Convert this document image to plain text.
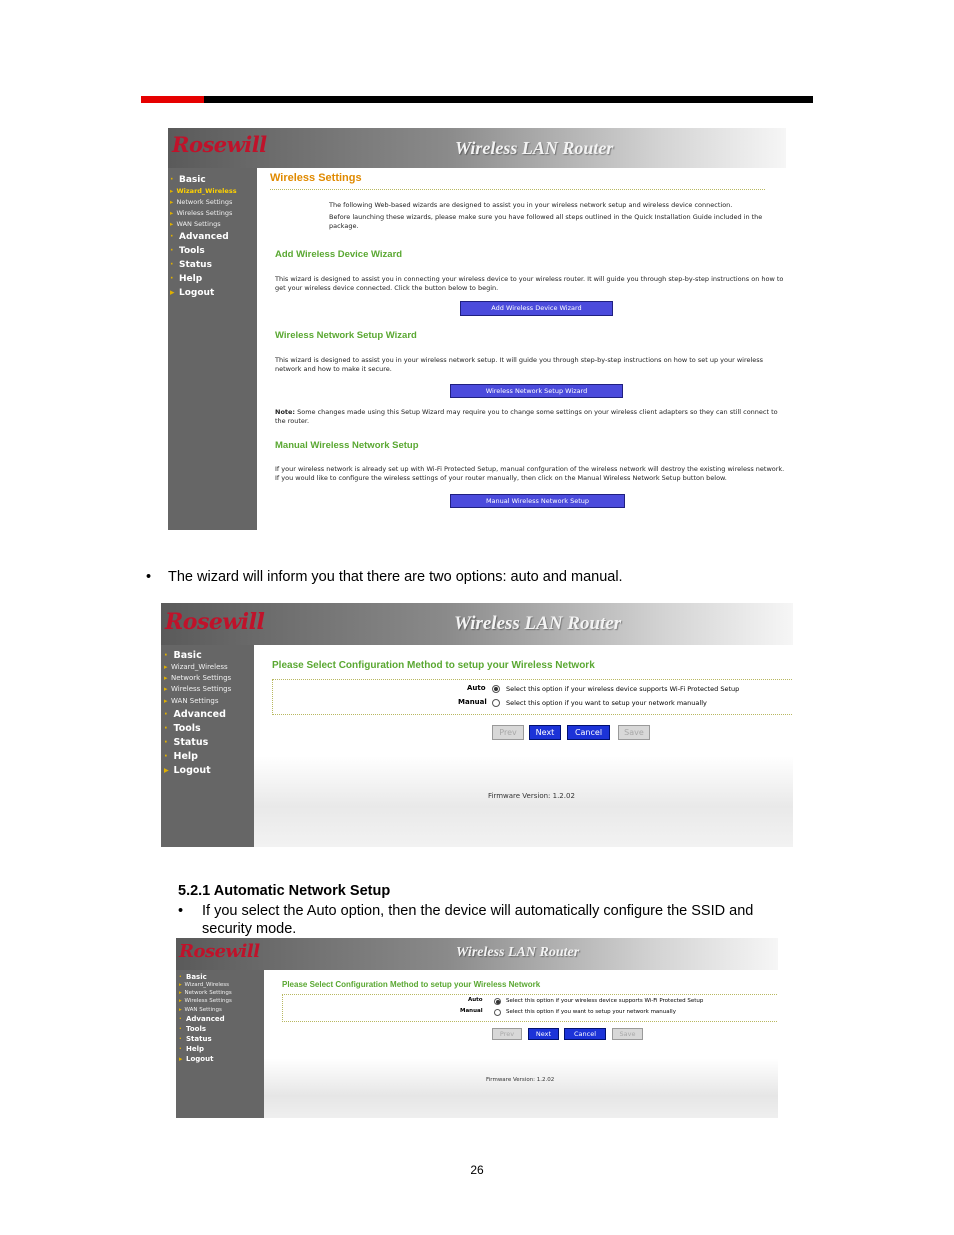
Rosewill	Wireless LAN Router
· Basic
▸ Wizard_Wireless
▸ Network Settings
▸ Wireless Settings
▸ WAN Settings
· Advanced
· Tools
· Status
· Help
▸ Logout
Wireless Settings
The following Web-based wizards are designed to assist you in your wireless network setup and wireless device connection.
Before launching these wizards, please make sure you have followed all steps outlined in the Quick Installation Guide included in the package.
Add Wireless Device Wizard
This wizard is designed to assist you in connecting your wireless device to your wireless router. It will guide you through step-by-step instructions on how to get your wireless device connected. Click the button below to begin.
Add Wireless Device Wizard
Wireless Network Setup Wizard
This wizard is designed to assist you in your wireless network setup. It will guide you through step-by-step instructions on how to set up your wireless network and how to make it secure.
Wireless Network Setup Wizard
Note: Some changes made using this Setup Wizard may require you to change some settings on your wireless client adapters so they can still connect to the router.
Manual Wireless Network Setup
If your wireless network is already set up with Wi-Fi Protected Setup, manual confguration of the wireless network will destroy the existing wireless network. If you would like to configure the wireless settings of your router manually, then click on the Manual Wireless Network Setup button below.
Manual Wireless Network Setup
• The wizard will inform you that there are two options: auto and manual.
Rosewill	Wireless LAN Router
· Basic
▸ Wizard_Wireless
▸ Network Settings
▸ Wireless Settings
▸ WAN Settings
· Advanced
· Tools
· Status
· Help
▸ Logout
Please Select Configuration Method to setup your Wireless Network
Auto	Select this option if your wireless device supports Wi-Fi Protected Setup
Manual	Select this option if you want to setup your network manually
Prev	Next	Cancel	Save
Firmware Version: 1.2.02
5.2.1 Automatic Network Setup
• If you select the Auto option, then the device will automatically configure the SSID and
security mode.
Rosewill	Wireless LAN Router
· Basic
▸ Wizard_Wireless
▸ Network Settings
▸ Wireless Settings
▸ WAN Settings
· Advanced
· Tools
· Status
· Help
▸ Logout
Please Select Configuration Method to setup your Wireless Network
Auto	Select this option if your wireless device supports Wi-Fi Protected Setup
Manual	Select this option if you want to setup your network manually
Prev	Next	Cancel	Save
Firmware Version: 1.2.02
26
